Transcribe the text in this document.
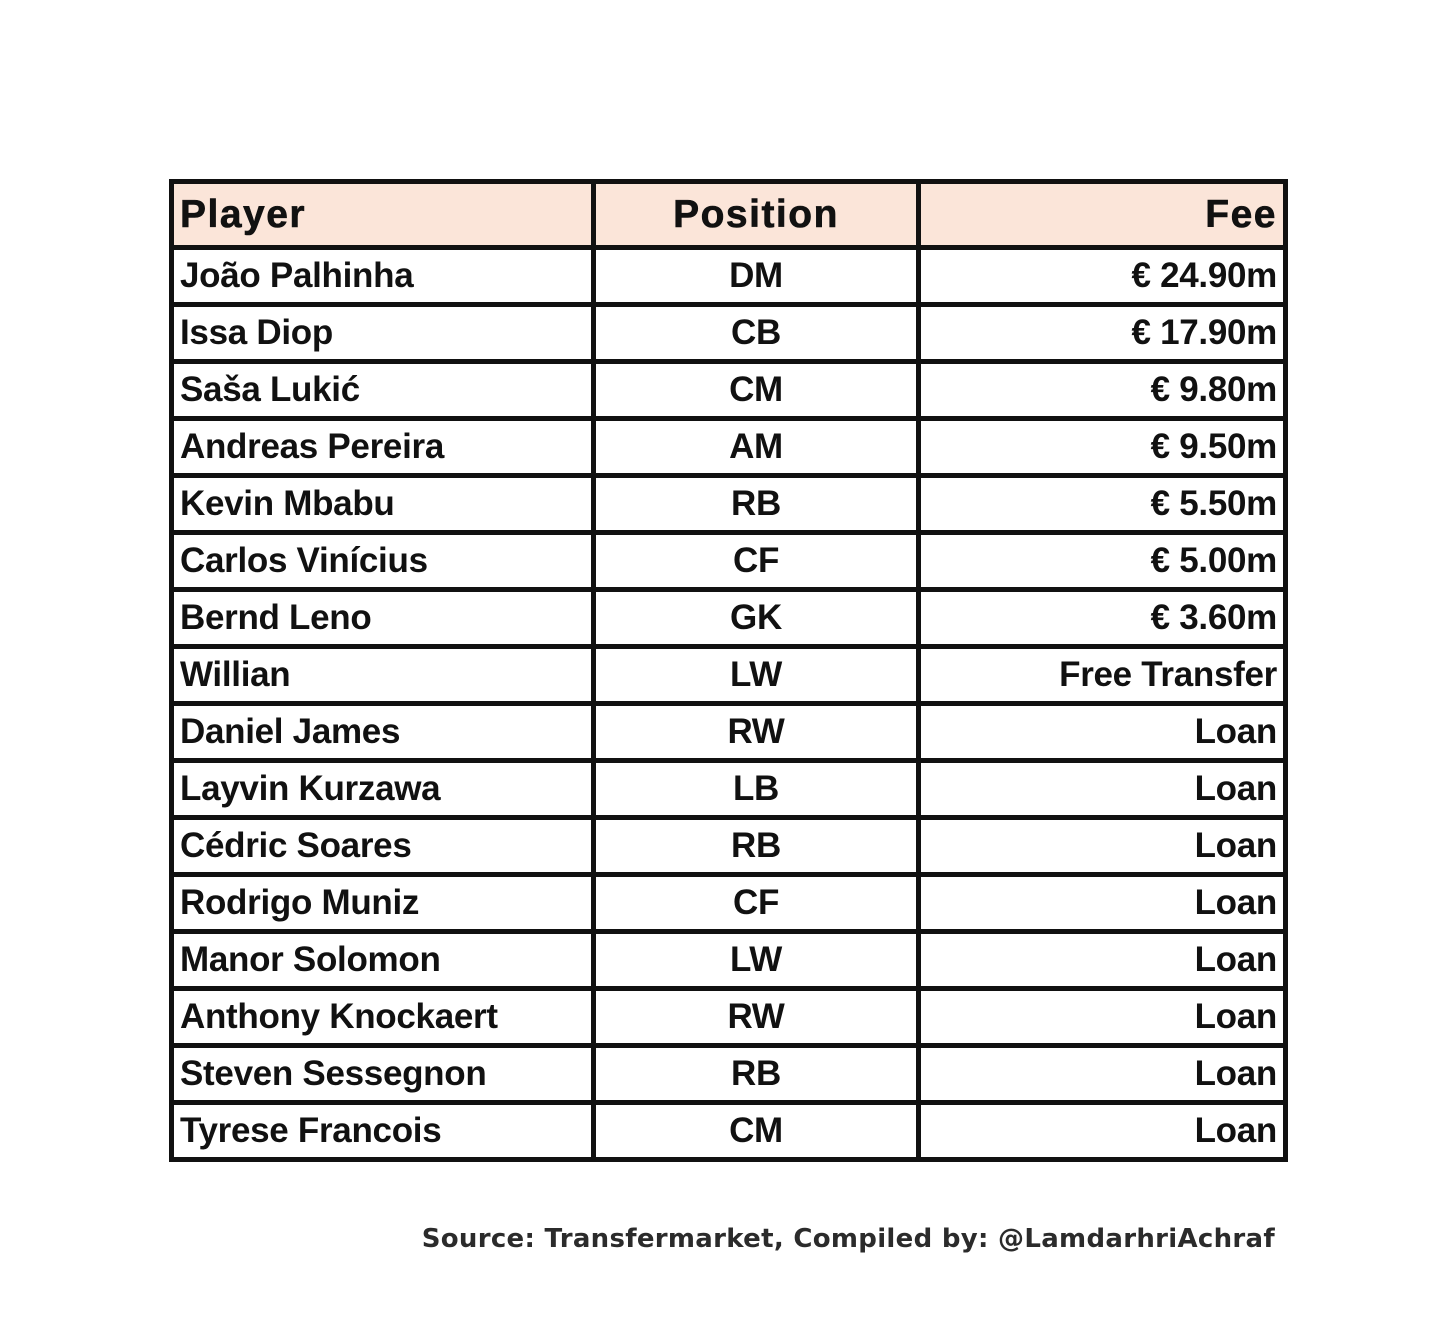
Player	Position	Fee
João Palhinha	DM	€ 24.90m
Issa Diop	CB	€ 17.90m
Saša Lukić	CM	€ 9.80m
Andreas Pereira	AM	€ 9.50m
Kevin Mbabu	RB	€ 5.50m
Carlos Vinícius	CF	€ 5.00m
Bernd Leno	GK	€ 3.60m
Willian	LW	Free Transfer
Daniel James	RW	Loan
Layvin Kurzawa	LB	Loan
Cédric Soares	RB	Loan
Rodrigo Muniz	CF	Loan
Manor Solomon	LW	Loan
Anthony Knockaert	RW	Loan
Steven Sessegnon	RB	Loan
Tyrese Francois	CM	Loan
Source: Transfermarket, Compiled by: @LamdarhriAchraf
